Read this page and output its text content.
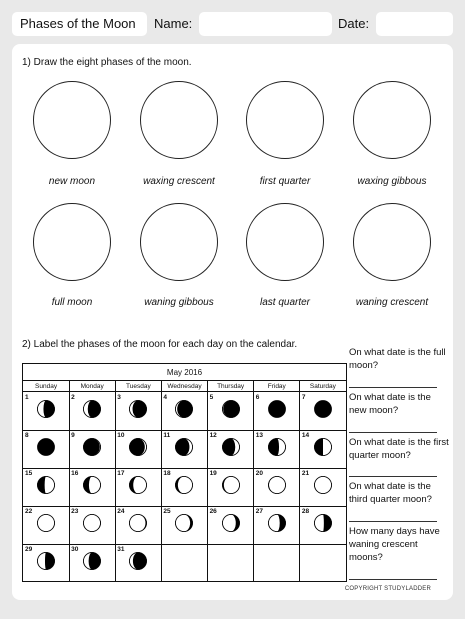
Phases of the Moon	Name:	Date:
1) Draw the eight phases of the moon.
new moon	waxing crescent	first quarter	waxing gibbous
full moon	waning gibbous	last quarter	waning crescent
2) Label the phases of the moon for each day on the calendar.
May 2016
Sunday	Monday	Tuesday	Wednesday	Thursday	Friday	Saturday
1	2	3	4	5	6	7
8	9	10	11	12	13	14
15	16	17	18	19	20	21
22	23	24	25	26	27	28
29	30	31
On what date is the full moon?
On what date is the new moon?
On what date is the first quarter moon?
On what date is the third quarter moon?
How many days have waning crescent moons?
COPYRIGHT STUDYLADDER
